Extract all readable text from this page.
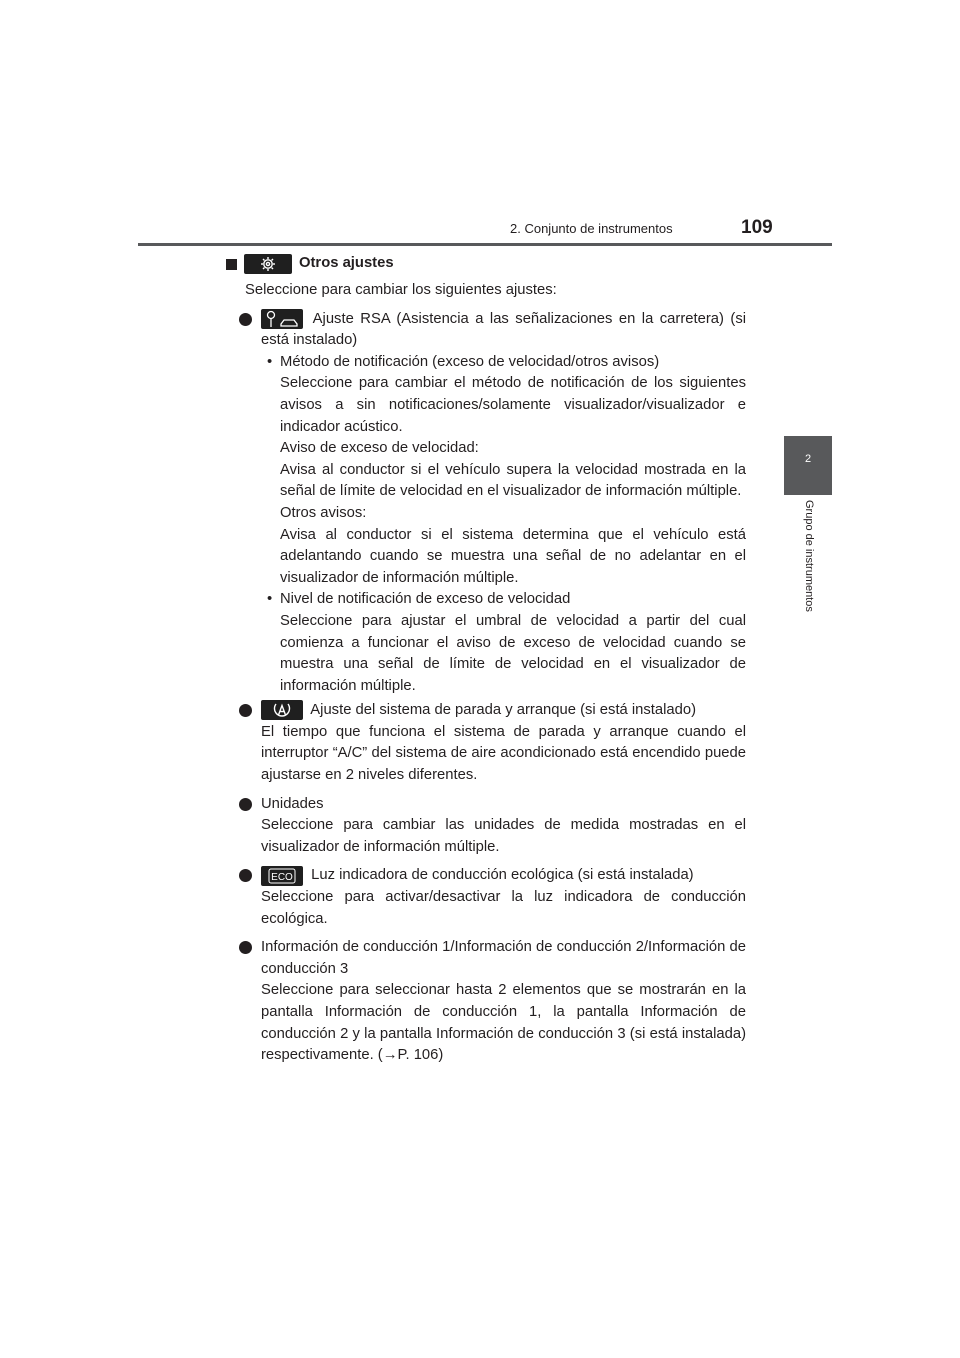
2. Conjunto de instrumentos	109
2
Grupo de instrumentos
Otros ajustes

Seleccione para cambiar los siguientes ajustes:

Ajuste RSA (Asistencia a las señalizaciones en la carretera) (si está instalado)
• Método de notificación (exceso de velocidad/otros avisos)

Seleccione para cambiar el método de notificación de los siguientes avisos a sin notificaciones/solamente visualizador/visualizador e indicador acústico.

Aviso de exceso de velocidad:

Avisa al conductor si el vehículo supera la velocidad mostrada en la señal de límite de velocidad en el visualizador de información múltiple.

Otros avisos:

Avisa al conductor si el sistema determina que el vehículo está adelantando cuando se muestra una señal de no adelantar en el visualizador de información múltiple.

• Nivel de notificación de exceso de velocidad

Seleccione para ajustar el umbral de velocidad a partir del cual comienza a funcionar el aviso de exceso de velocidad cuando se muestra una señal de límite de velocidad en el visualizador de información múltiple.

Ajuste del sistema de parada y arranque (si está instalado)

El tiempo que funciona el sistema de parada y arranque cuando el interruptor “A/C” del sistema de aire acondicionado está encendido puede ajustarse en 2 niveles diferentes.

Unidades

Seleccione para cambiar las unidades de medida mostradas en el visualizador de información múltiple.

ECO Luz indicadora de conducción ecológica (si está instalada)

Seleccione para activar/desactivar la luz indicadora de conducción ecológica.

Información de conducción 1/Información de conducción 2/Información de conducción 3

Seleccione para seleccionar hasta 2 elementos que se mostrarán en la pantalla Información de conducción 1, la pantalla Información de conducción 2 y la pantalla Información de conducción 3 (si está instalada) respectivamente. (→P. 106)
